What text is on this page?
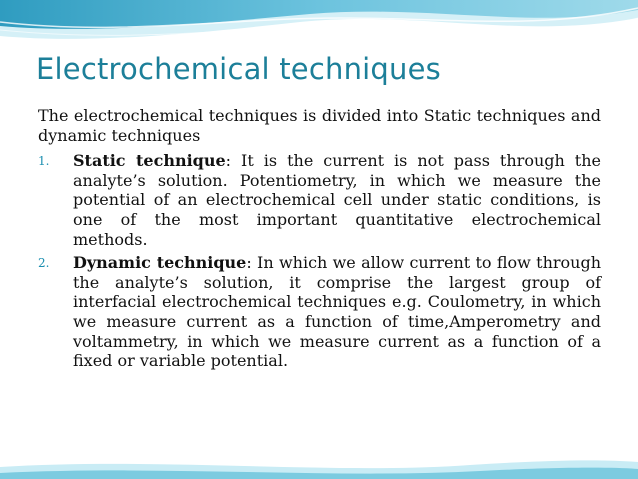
Electrochemical techniques

The electrochemical techniques is divided into Static techniques and dynamic techniques

1. Static technique: It is the current is not pass through the analyte’s solution. Potentiometry, in which we measure the potential of an electrochemical cell under static conditions, is one of the most important quantitative electrochemical methods.
2. Dynamic technique: In which we allow current to flow through the analyte’s solution, it comprise the largest group of interfacial electrochemical techniques e.g. Coulometry, in which we measure current as a function of time,Amperometry and voltammetry, in which we measure current as a function of a fixed or variable potential.
